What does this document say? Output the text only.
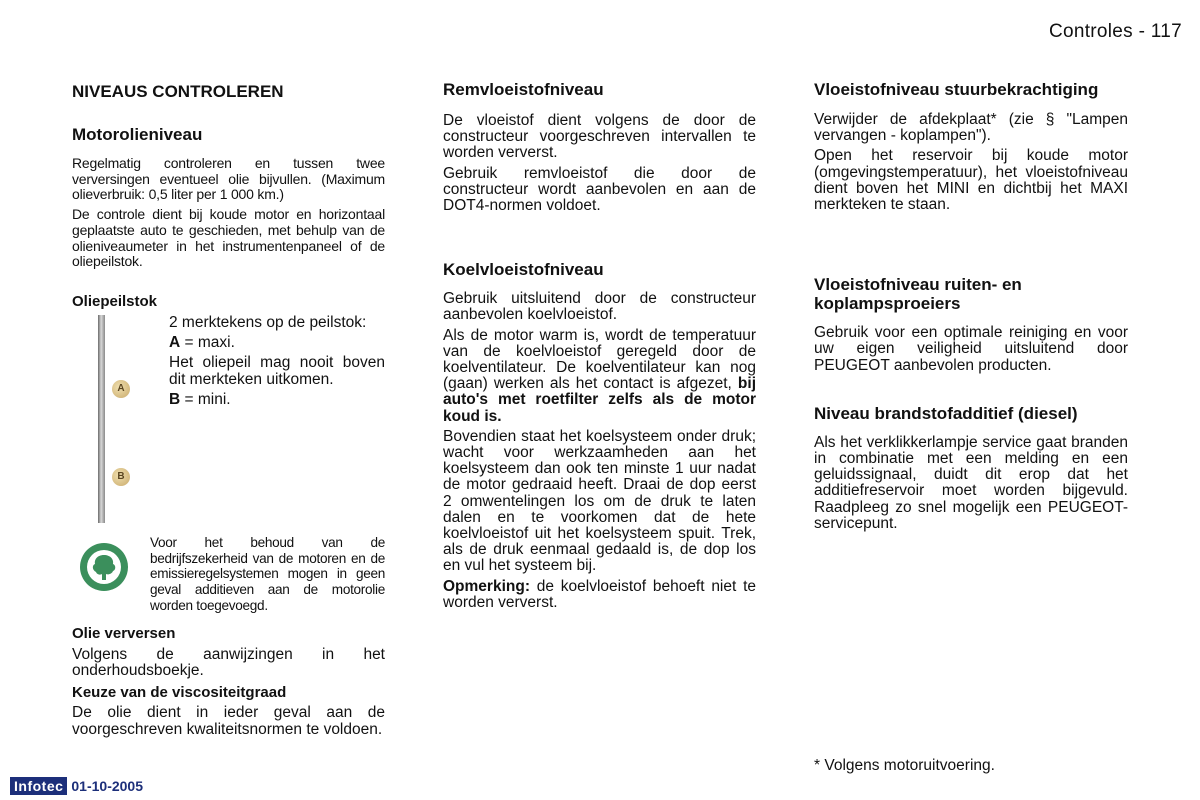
Controles - 117
NIVEAUS CONTROLEREN
Motorolieniveau

Regelmatig controleren en tussen twee verversingen eventueel olie bijvullen. (Maximum olieverbruik: 0,5 liter per 1 000 km.)

De controle dient bij koude motor en horizontaal geplaatste auto te geschieden, met behulp van de olieniveaumeter in het instrumentenpaneel of de oliepeilstok.

Oliepeilstok
A
B

2 merktekens op de peilstok:

A = maxi.

Het oliepeil mag nooit boven dit merkteken uitkomen.

B = mini.

Voor het behoud van de bedrijfszekerheid van de motoren en de emissieregelsystemen mogen in geen geval additieven aan de motorolie worden toegevoegd.

Olie verversen

Volgens de aanwijzingen in het onderhoudsboekje.

Keuze van de viscositeitgraad

De olie dient in ieder geval aan de voorgeschreven kwaliteitsnormen te voldoen.

Remvloeistofniveau

De vloeistof dient volgens de door de constructeur voorgeschreven intervallen te worden ververst.

Gebruik remvloeistof die door de constructeur wordt aanbevolen en aan de DOT4-normen voldoet.

Koelvloeistofniveau

Gebruik uitsluitend door de constructeur aanbevolen koelvloeistof.

Als de motor warm is, wordt de temperatuur van de koelvloeistof geregeld door de koelventilateur. De koelventilateur kan nog (gaan) werken als het contact is afgezet, bij auto's met roetfilter zelfs als de motor koud is.

Bovendien staat het koelsysteem onder druk; wacht voor werkzaamheden aan het koelsysteem dan ook ten minste 1 uur nadat de motor gedraaid heeft. Draai de dop eerst 2 omwentelingen los om de druk te laten dalen en te voorkomen dat de hete koelvloeistof uit het koelsysteem spuit. Trek, als de druk eenmaal gedaald is, de dop los en vul het systeem bij.

Opmerking: de koelvloeistof behoeft niet te worden ververst.

Vloeistofniveau stuurbekrachtiging

Verwijder de afdekplaat* (zie § "Lampen vervangen - koplampen").

Open het reservoir bij koude motor (omgevingstemperatuur), het vloeistofniveau dient boven het MINI en dichtbij het MAXI merkteken te staan.

Vloeistofniveau ruiten- en koplampsproeiers

Gebruik voor een optimale reiniging en voor uw eigen veiligheid uitsluitend door PEUGEOT aanbevolen producten.

Niveau brandstofadditief (diesel)

Als het verklikkerlampje service gaat branden in combinatie met een melding en een geluidssignaal, duidt dit erop dat het additiefreservoir moet worden bijgevuld. Raadpleeg zo snel mogelijk een PEUGEOT-servicepunt.

* Volgens motoruitvoering.
Infotec 01-10-2005
